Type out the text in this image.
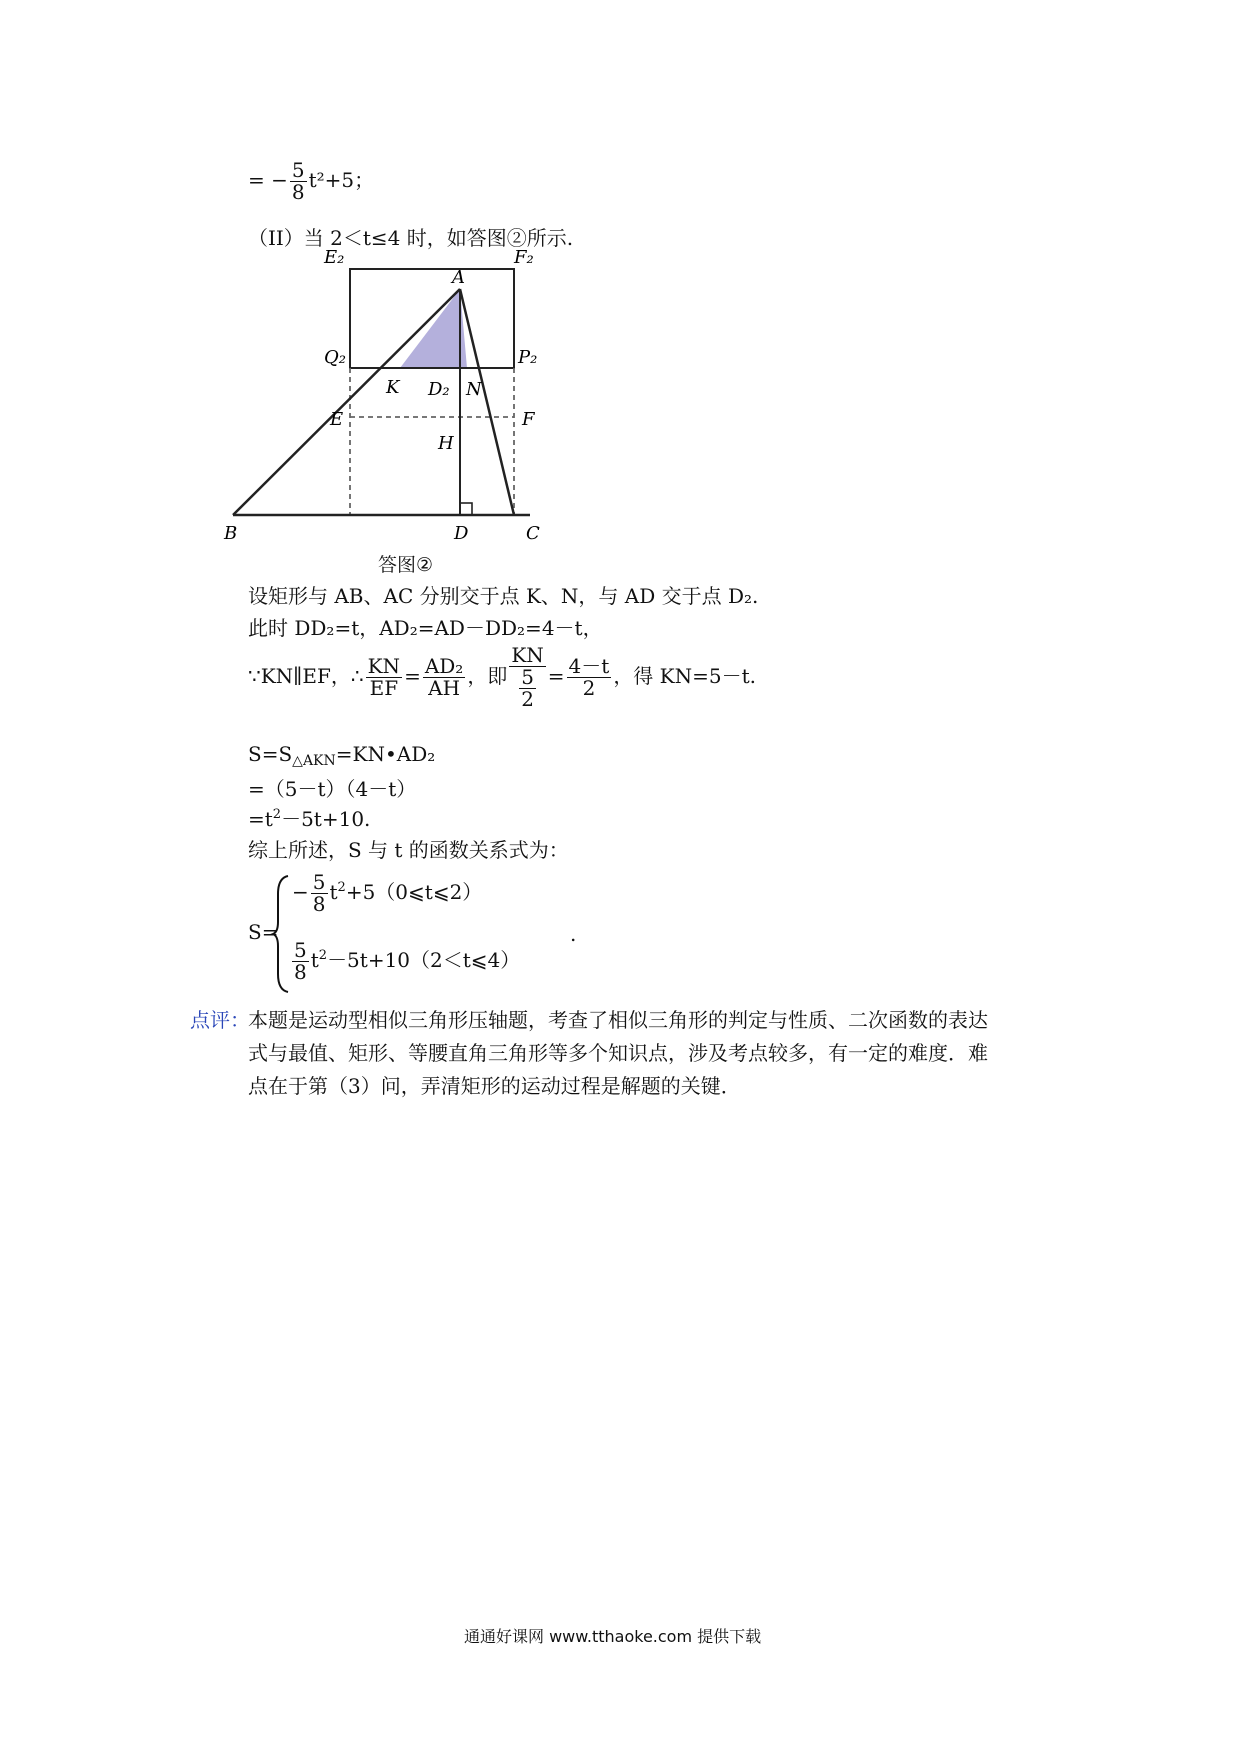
= − $\frac{5}{8} t^2+5$；
（II）当 2＜t≤4 时，如答图②所示.
E₂	F₂
A
Q₂	P₂
K D₂ N
E	F
H
B	D	C
答图②
设矩形与 AB、AC 分别交于点 K、N，与 AD 交于点 D₂.
此时 DD₂=t，AD₂=AD－DD₂=4－t，
∵KN∥EF，∴ $\frac{KN}{EF} = \frac{\text{AD₂}}{AH}$ ，即 $\frac{KN}{\frac{5}{2}} = \frac{4-t}{2}$ ，得 KN=5－t.
$S=S_{\triangle AKN}=KN•AD_2$
=（5－t）（4－t）
$=t^2-5t+10$.
综上所述，S 与 t 的函数关系式为：
S=
− $\frac{5}{8}$ $t^2+5(0⩽t⩽2)$
$\frac{5}{8}$ $t^2-5t+10(2<t⩽4)$
.
点评：
本题是运动型相似三角形压轴题，考查了相似三角形的判定与性质、二次函数的表达
式与最值、矩形、等腰直角三角形等多个知识点，涉及考点较多，有一定的难度．难
点在于第（3）问，弄清矩形的运动过程是解题的关键．
通通好课网 www.tthaoke.com 提供下载
